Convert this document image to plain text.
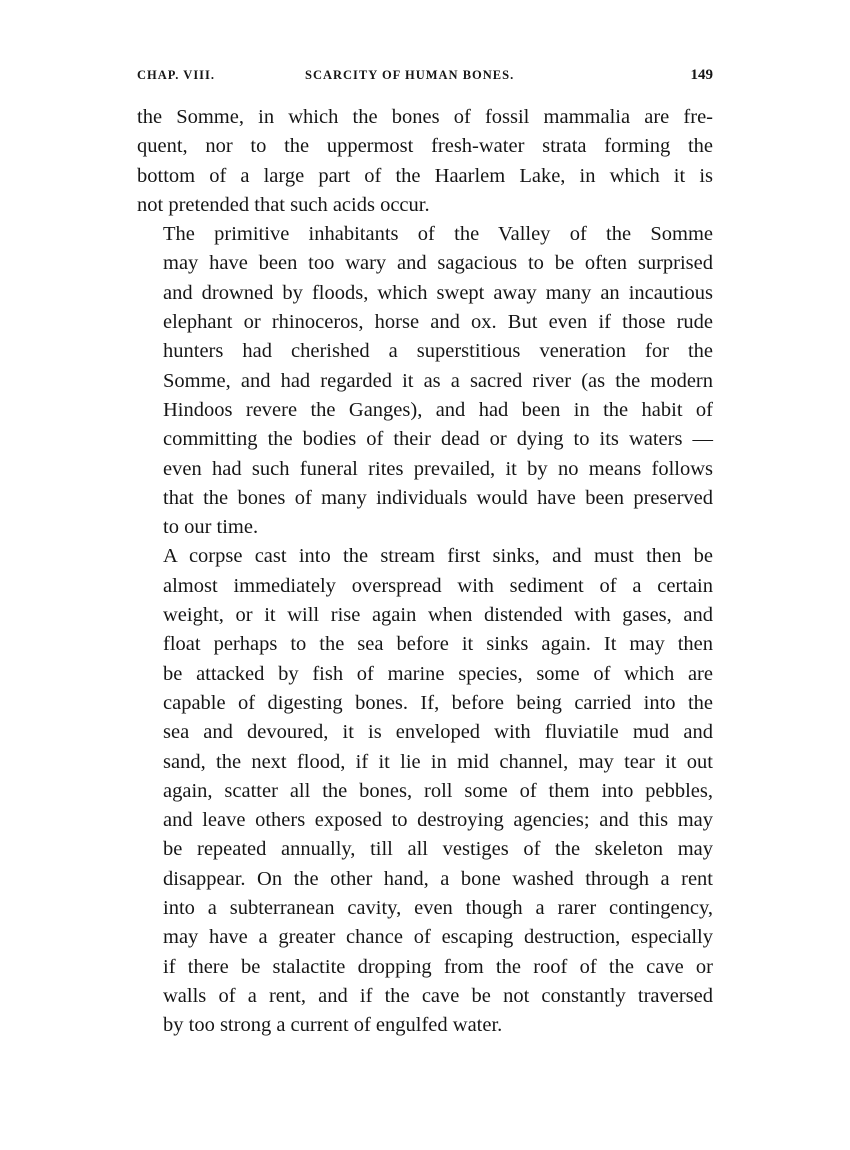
CHAP. VIII.	SCARCITY OF HUMAN BONES.	149

the Somme, in which the bones of fossil mammalia are fre-
quent, nor to the uppermost fresh-water strata forming the
bottom of a large part of the Haarlem Lake, in which it is
not pretended that such acids occur.

The primitive inhabitants of the Valley of the Somme
may have been too wary and sagacious to be often surprised
and drowned by floods, which swept away many an incautious
elephant or rhinoceros, horse and ox. But even if those rude
hunters had cherished a superstitious veneration for the
Somme, and had regarded it as a sacred river (as the modern
Hindoos revere the Ganges), and had been in the habit of
committing the bodies of their dead or dying to its waters —
even had such funeral rites prevailed, it by no means follows
that the bones of many individuals would have been preserved
to our time.

A corpse cast into the stream first sinks, and must then be
almost immediately overspread with sediment of a certain
weight, or it will rise again when distended with gases, and
float perhaps to the sea before it sinks again. It may then
be attacked by fish of marine species, some of which are
capable of digesting bones. If, before being carried into the
sea and devoured, it is enveloped with fluviatile mud and
sand, the next flood, if it lie in mid channel, may tear it out
again, scatter all the bones, roll some of them into pebbles,
and leave others exposed to destroying agencies; and this may
be repeated annually, till all vestiges of the skeleton may
disappear. On the other hand, a bone washed through a rent
into a subterranean cavity, even though a rarer contingency,
may have a greater chance of escaping destruction, especially
if there be stalactite dropping from the roof of the cave or
walls of a rent, and if the cave be not constantly traversed
by too strong a current of engulfed water.
